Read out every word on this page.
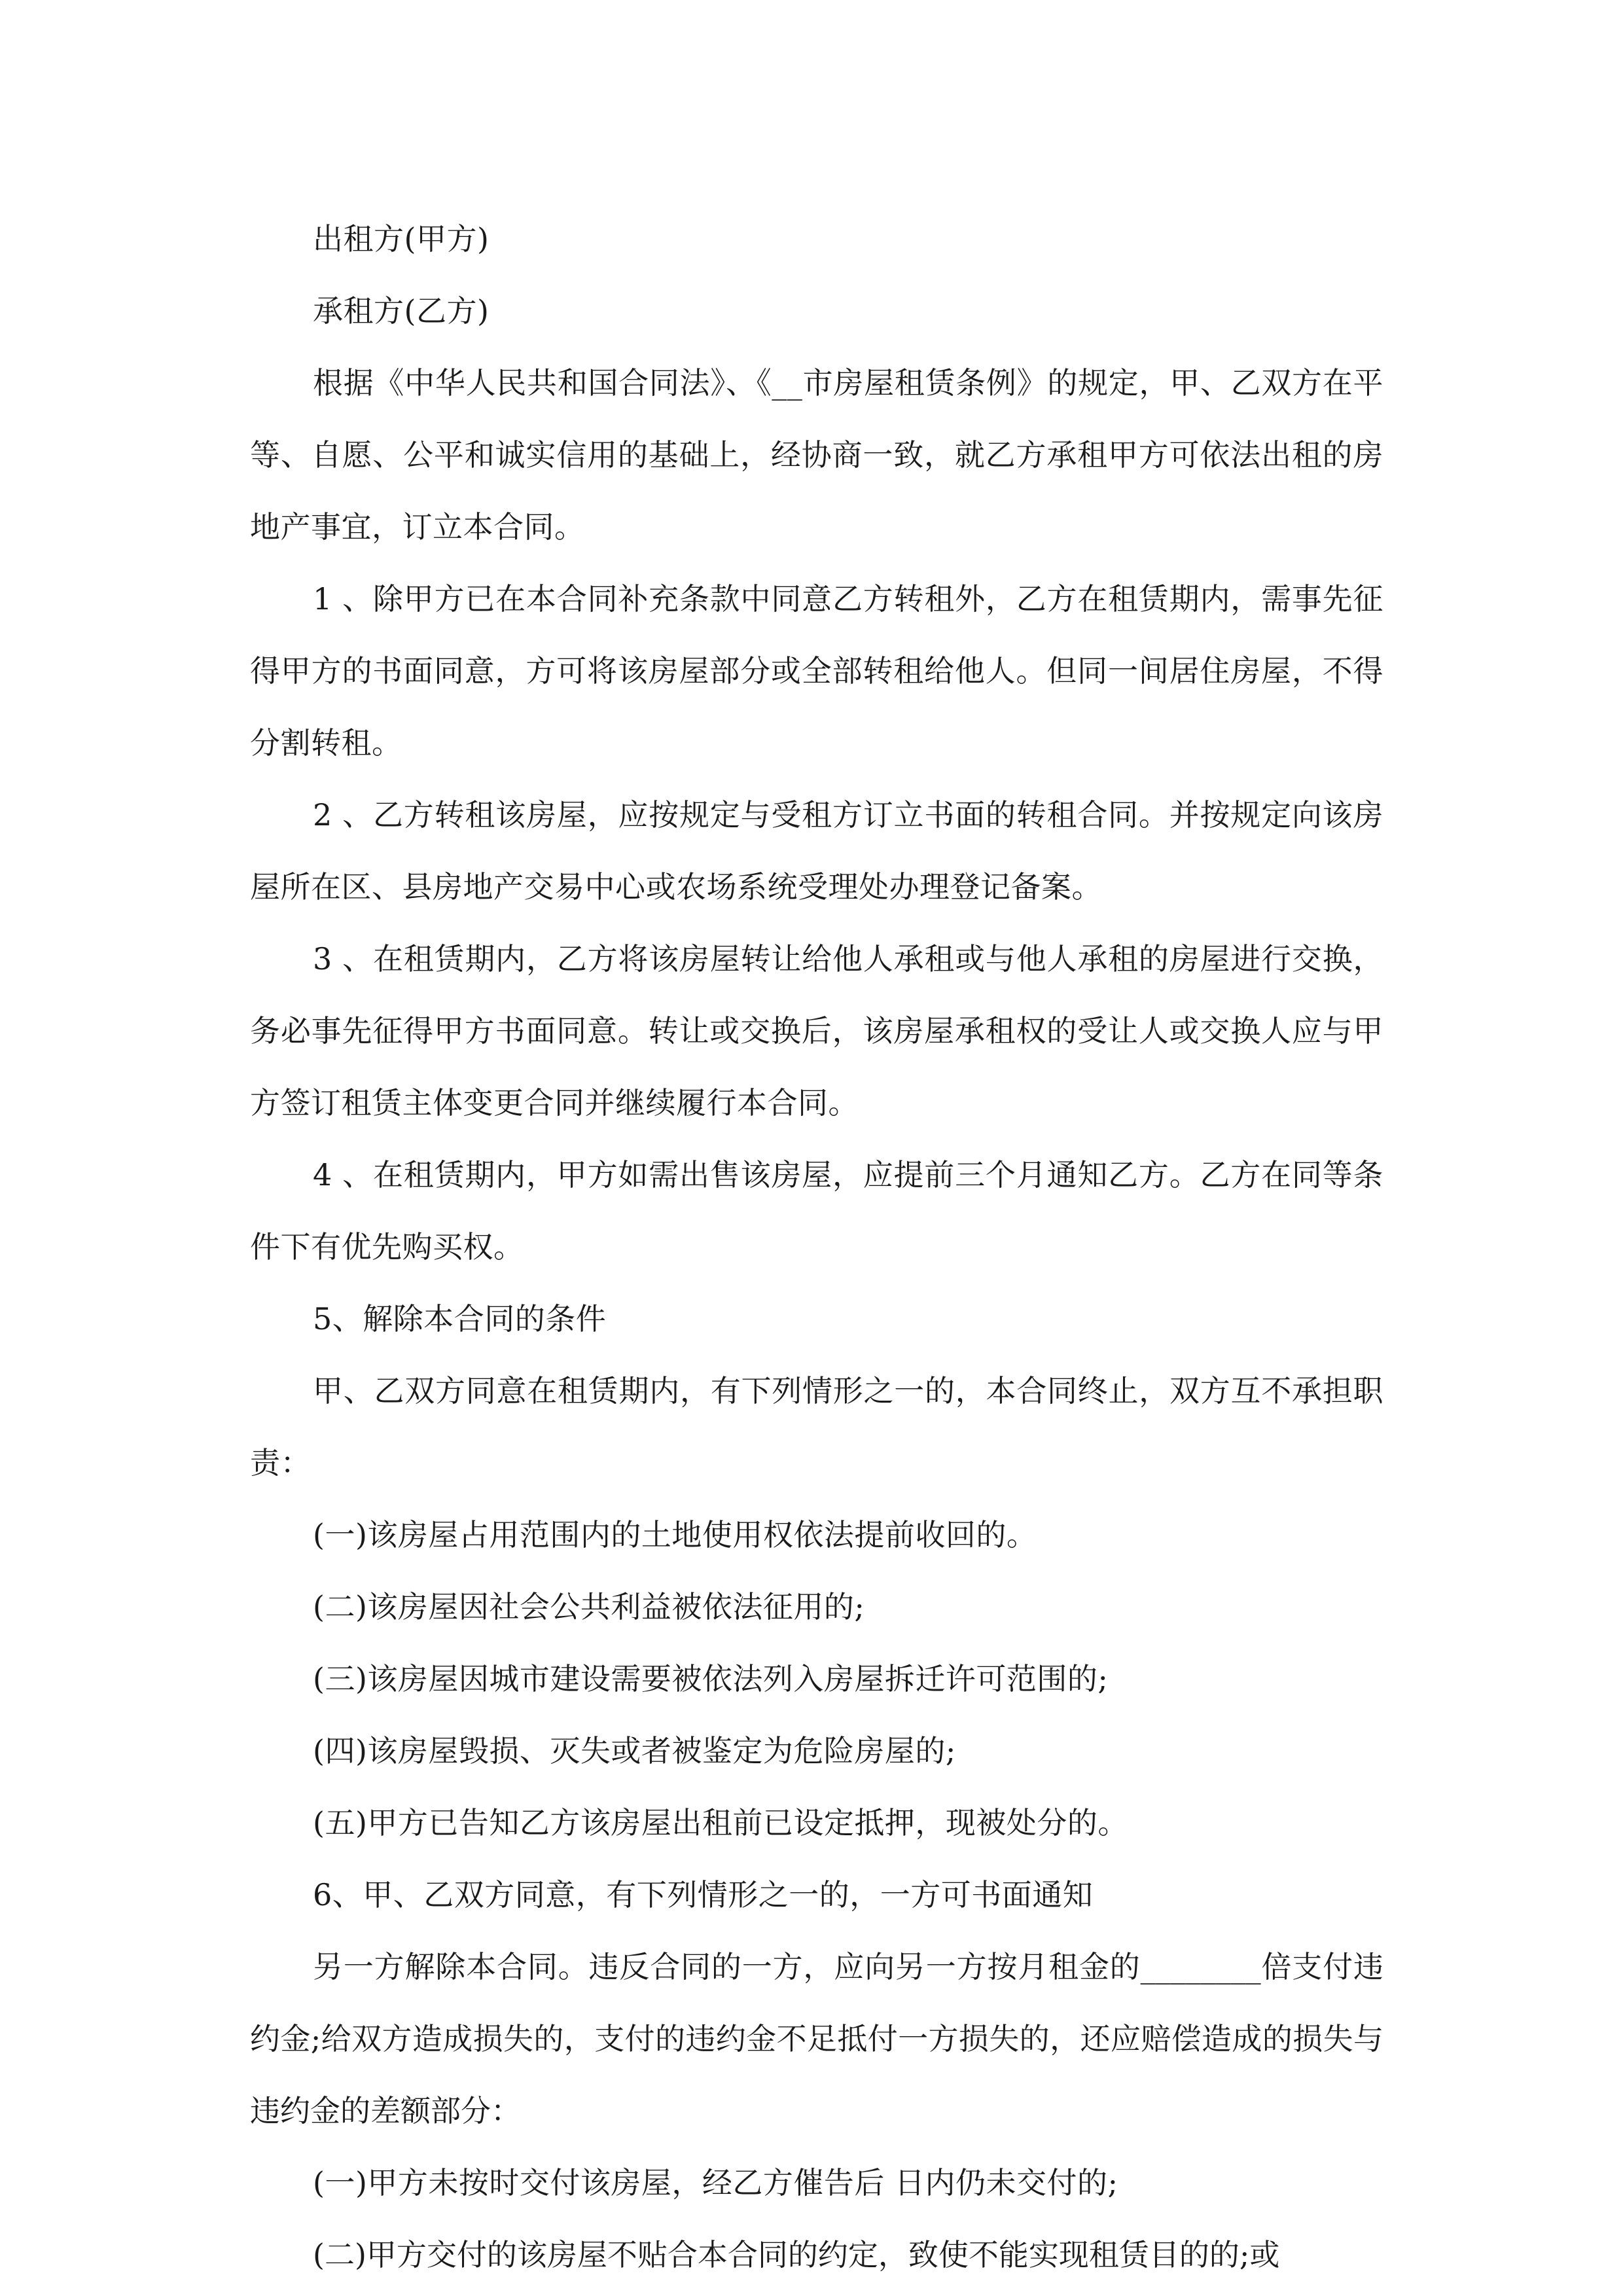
出租方(甲方)

承租方(乙方)

根据《中华人民共和国合同法》、《__市房屋租赁条例》的规定，甲、乙双方在平等、自愿、公平和诚实信用的基础上，经协商一致，就乙方承租甲方可依法出租的房地产事宜，订立本合同。

1 、除甲方已在本合同补充条款中同意乙方转租外，乙方在租赁期内，需事先征得甲方的书面同意，方可将该房屋部分或全部转租给他人。但同一间居住房屋，不得分割转租。

2 、乙方转租该房屋，应按规定与受租方订立书面的转租合同。并按规定向该房屋所在区、县房地产交易中心或农场系统受理处办理登记备案。

3 、在租赁期内，乙方将该房屋转让给他人承租或与他人承租的房屋进行交换，务必事先征得甲方书面同意。转让或交换后，该房屋承租权的受让人或交换人应与甲方签订租赁主体变更合同并继续履行本合同。

4 、在租赁期内，甲方如需出售该房屋，应提前三个月通知乙方。乙方在同等条件下有优先购买权。

5、解除本合同的条件

甲、乙双方同意在租赁期内，有下列情形之一的，本合同终止，双方互不承担职责：

(一)该房屋占用范围内的土地使用权依法提前收回的。

(二)该房屋因社会公共利益被依法征用的;

(三)该房屋因城市建设需要被依法列入房屋拆迁许可范围的;

(四)该房屋毁损、灭失或者被鉴定为危险房屋的;

(五)甲方已告知乙方该房屋出租前已设定抵押，现被处分的。

6、甲、乙双方同意，有下列情形之一的，一方可书面通知

另一方解除本合同。违反合同的一方，应向另一方按月租金的________倍支付违约金;给双方造成损失的，支付的违约金不足抵付一方损失的，还应赔偿造成的损失与违约金的差额部分：

(一)甲方未按时交付该房屋，经乙方催告后 日内仍未交付的;

(二)甲方交付的该房屋不贴合本合同的约定，致使不能实现租赁目的的;或
